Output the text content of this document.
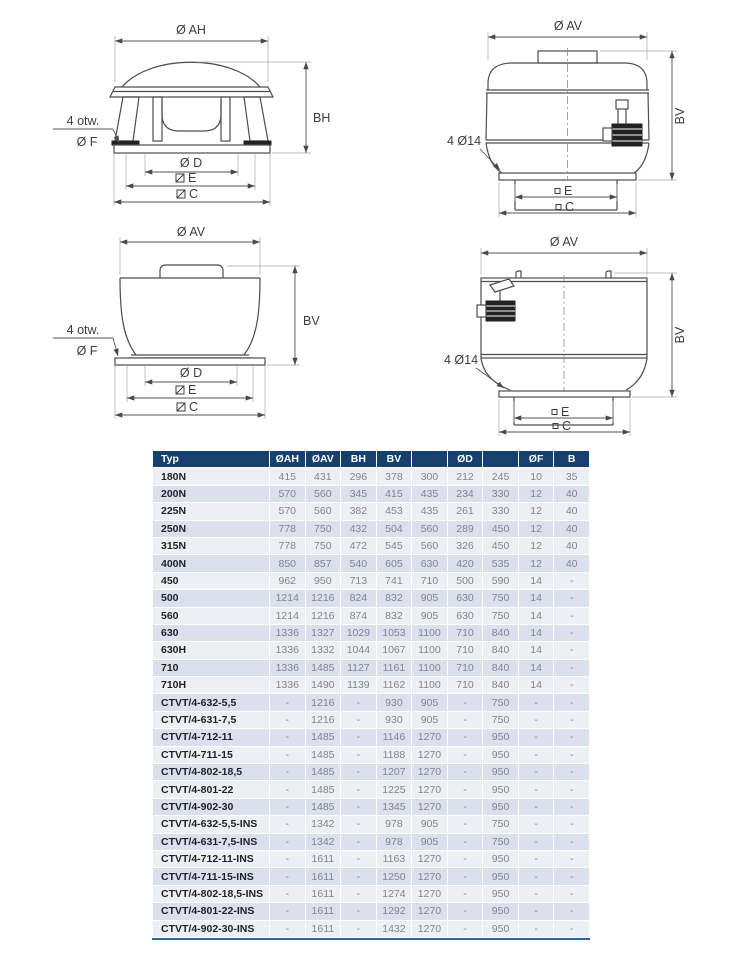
Ø AH
BH
4 otw.
Ø F
Ø D
E
C
Ø AV
BV
4 Ø14
E
C
Ø AV
BV
4 otw.
Ø F
Ø D
E
C
Ø AV
BV
4 Ø14
E
C
Typ	ØAH	ØAV	BH	BV		ØD		ØF	B
180N	415	431	296	378	300	212	245	10	35
200N	570	560	345	415	435	234	330	12	40
225N	570	560	382	453	435	261	330	12	40
250N	778	750	432	504	560	289	450	12	40
315N	778	750	472	545	560	326	450	12	40
400N	850	857	540	605	630	420	535	12	40
450	962	950	713	741	710	500	590	14	-
500	1214	1216	824	832	905	630	750	14	-
560	1214	1216	874	832	905	630	750	14	-
630	1336	1327	1029	1053	1100	710	840	14	-
630H	1336	1332	1044	1067	1100	710	840	14	-
710	1336	1485	1127	1161	1100	710	840	14	-
710H	1336	1490	1139	1162	1100	710	840	14	-
CTVT/4-632-5,5	-	1216	-	930	905	-	750	-	-
CTVT/4-631-7,5	-	1216	-	930	905	-	750	-	-
CTVT/4-712-11	-	1485	-	1146	1270	-	950	-	-
CTVT/4-711-15	-	1485	-	1188	1270	-	950	-	-
CTVT/4-802-18,5	-	1485	-	1207	1270	-	950	-	-
CTVT/4-801-22	-	1485	-	1225	1270	-	950	-	-
CTVT/4-902-30	-	1485	-	1345	1270	-	950	-	-
CTVT/4-632-5,5-INS	-	1342	-	978	905	-	750	-	-
CTVT/4-631-7,5-INS	-	1342	-	978	905	-	750	-	-
CTVT/4-712-11-INS	-	1611	-	1163	1270	-	950	-	-
CTVT/4-711-15-INS	-	1611	-	1250	1270	-	950	-	-
CTVT/4-802-18,5-INS	-	1611	-	1274	1270	-	950	-	-
CTVT/4-801-22-INS	-	1611	-	1292	1270	-	950	-	-
CTVT/4-902-30-INS	-	1611	-	1432	1270	-	950	-	-
